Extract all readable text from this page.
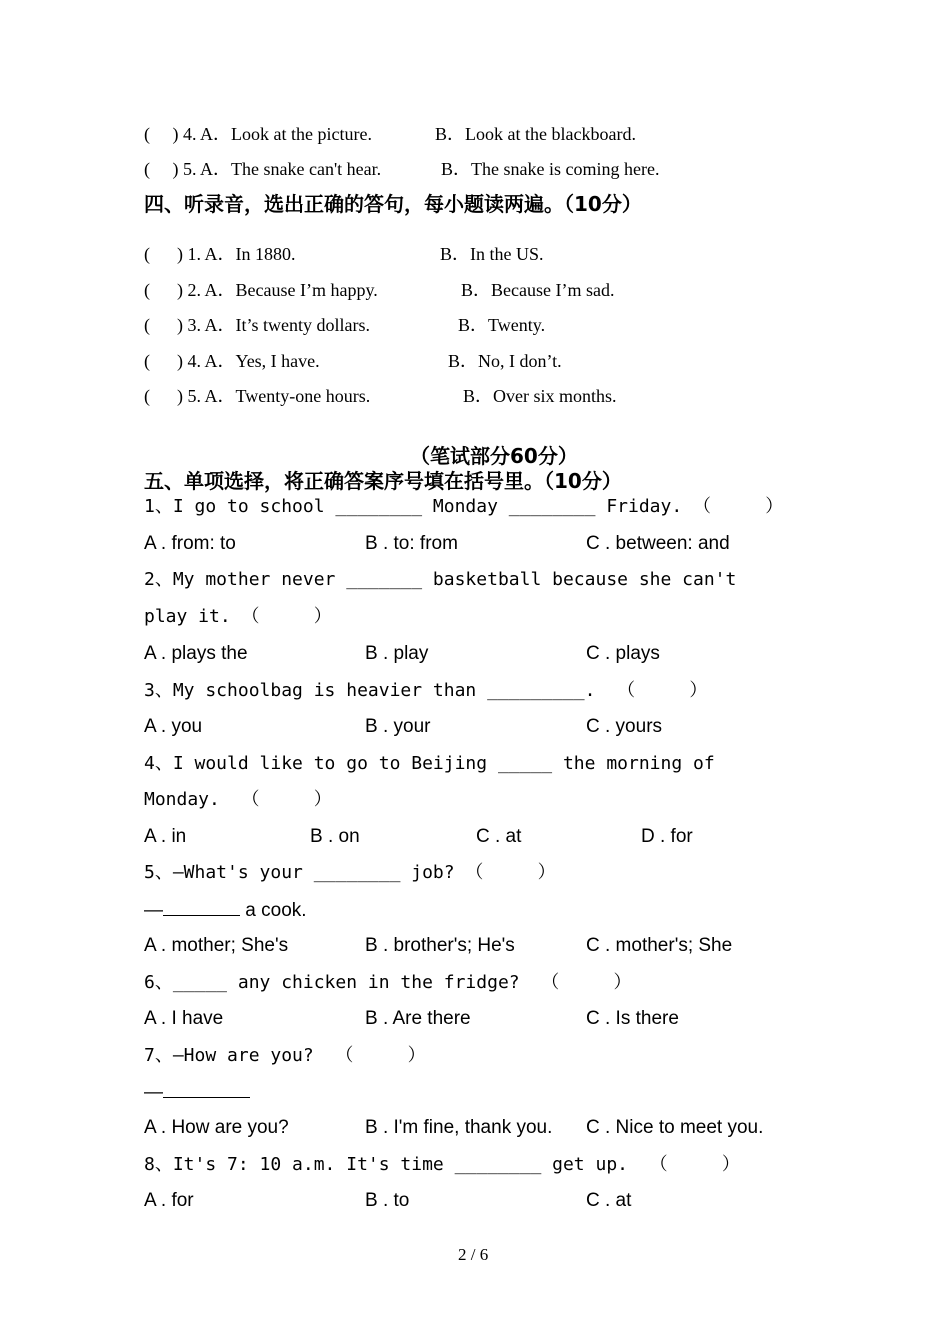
(     ) 4. A．Look at the picture.	B．Look at the blackboard.
(     ) 5. A．The snake can't hear.	B．The snake is coming here.
四、听录音，选出正确的答句，每小题读两遍。（10分）
(      ) 1. A．In 1880.	B．In the US.
(      ) 2. A．Because I’m happy.	B．Because I’m sad.
(      ) 3. A．It’s twenty dollars.	B．Twenty.
(      ) 4. A．Yes, I have.	B．No, I don’t.
(      ) 5. A．Twenty-one hours.	B．Over six months.
（笔试部分60分）
五、单项选择，将正确答案序号填在括号里。（10分）
1、I go to school ________ Monday ________ Friday. （     ）
A . from: to	B . to: from	C . between: and
2、My mother never _______ basketball because she can't
play it. （     ）
A . plays the	B . play	C . plays
3、My schoolbag is heavier than _________.  （     ）
A . you	B . your	C . yours
4、I would like to go to Beijing _____ the morning of
Monday.  （     ）
A . in	B . on	C . at	D . for
5、—What's your ________ job? （     ）
—	a cook.
A . mother; She's	B . brother's; He's	C . mother's; She
6、_____ any chicken in the fridge?  （     ）
A . I have	B . Are there	C . Is there
7、—How are you?  （     ）
—
A . How are you?	B . I'm fine, thank you. C . Nice to meet you.
8、It's 7: 10 a.m. It's time ________ get up.  （     ）
A . for	B . to	C . at
2 / 6
